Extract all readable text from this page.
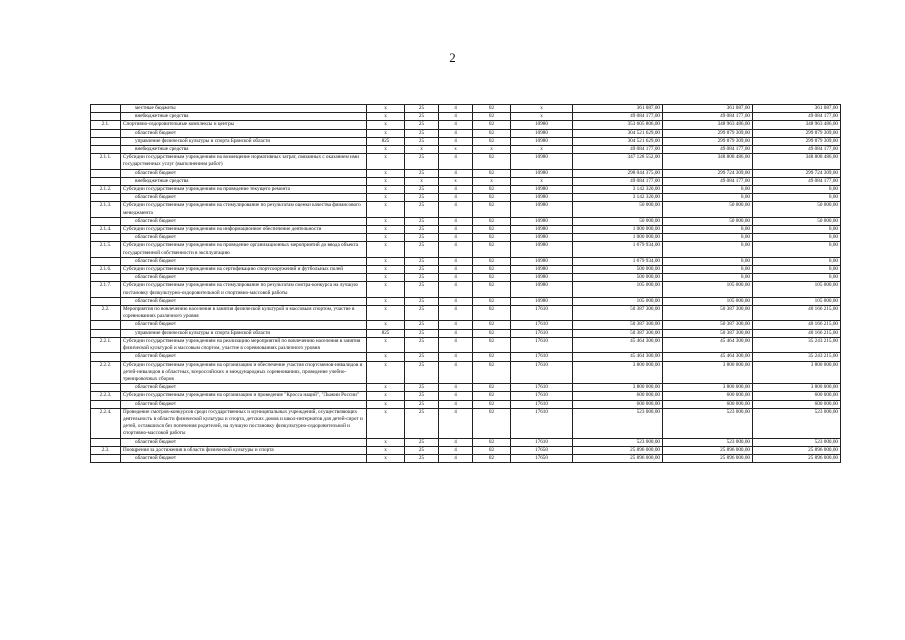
2
	местные бюджеты	x	25	4	02	x	361 087,00	361 087,00	361 087,00
	внебюджетные средства	x	25	4	02	x	49 084 177,00	49 084 177,00	49 084 177,00
2.1.	Спортивно-оздоровительные комплексы и центры	x	25	4	02	10980	353 605 806,00	348 963 486,00	348 963 486,00
	областной бюджет	x	25	4	02	10980	304 521 629,00	299 879 309,00	299 879 309,00
	управление физической культуры и спорта Брянской области	825	25	4	02	10980	304 521 629,00	299 879 309,00	299 879 309,00
	внебюджетные средства	x	x	x	x	x	49 084 177,00	49 084 177,00	49 084 177,00
2.1.1.	Субсидии государственным учреждениям на возмещение нормативных затрат, связанных с оказанием ими государственных услуг (выполнением работ)	x	25	4	02	10980	347 128 552,00	348 808 486,00	348 808 486,00
	областной бюджет	x	25	4	02	10980	298 044 375,00	299 724 309,00	299 724 309,00
	внебюджетные средства	x	x	x	x	x	49 084 177,00	49 084 177,00	49 084 177,00
2.1.2.	Субсидии государственным учреждениям на проведение текущего ремонта	x	25	4	02	10980	3 142 320,00	0,00	0,00
	областной бюджет	x	25	4	02	10980	3 142 320,00	0,00	0,00
2.1.3.	Субсидии государственным учреждениям на стимулирование по результатам оценки качества финансового менеджмента	x	25	4	02	10980	50 000,00	50 000,00	50 000,00
	областной бюджет	x	25	4	02	10980	50 000,00	50 000,00	50 000,00
2.1.4.	Субсидии государственным учреждениям на информационное обеспечение деятельности	x	25	4	02	10980	1 000 000,00	0,00	0,00
	областной бюджет	x	25	4	02	10980	1 000 000,00	0,00	0,00
2.1.5.	Субсидии государственным учреждениям на проведение организационных мероприятий до ввода объекта государственной собственности в эксплуатацию	x	25	4	02	10980	1 679 934,00	0,00	0,00
	областной бюджет	x	25	4	02	10980	1 679 934,00	0,00	0,00
2.1.6.	Субсидии государственным учреждениям на сертификацию спортсооружений и футбольных полей	x	25	4	02	10980	500 000,00	0,00	0,00
	областной бюджет	x	25	4	02	10980	500 000,00	0,00	0,00
2.1.7.	Субсидии государственным учреждениям на стимулирование по результатам смотра-конкурса на лучшую постановку физкультурно-оздоровительной и спортивно-массовой работы	x	25	4	02	10980	105 000,00	105 000,00	105 000,00
	областной бюджет	x	25	4	02	10980	105 000,00	105 000,00	105 000,00
2.2.	Мероприятия по вовлечению населения в занятия физической культурой и массовым спортом, участие в соревнованиях различного уровня	x	25	4	02	17610	50 387 300,00	50 387 300,00	40 166 215,00
	областной бюджет	x	25	4	02	17610	50 387 300,00	50 387 300,00	40 166 215,00
	управление физической культуры и спорта Брянской области	825	25	4	02	17610	50 387 300,00	50 387 300,00	40 166 215,00
2.2.1.	Субсидии государственным учреждениям на реализацию мероприятий по вовлечению населения в занятия физической культурой и массовым спортом, участие в соревнованиях различного уровня	x	25	4	02	17610	45 464 300,00	45 464 300,00	35 243 215,00
	областной бюджет	x	25	4	02	17610	45 464 300,00	45 464 300,00	35 243 215,00
2.2.2.	Субсидии государственным учреждениям на организацию и обеспечение участия спортсменов-инвалидов и детей-инвалидов в областных, всероссийских и международных соревнованиях, проведение учебно-тренировочных сборов	x	25	4	02	17610	3 800 000,00	3 800 000,00	3 800 000,00
	областной бюджет	x	25	4	02	17610	3 800 000,00	3 800 000,00	3 800 000,00
2.2.3.	Субсидии государственным учреждениям на организацию и проведение "Кросса наций", "Лыжни России"	x	25	4	02	17610	600 000,00	600 000,00	600 000,00
	областной бюджет	x	25	4	02	17610	600 000,00	600 000,00	600 000,00
2.2.4.	Проведение смотров-конкурсов среди государственных и муниципальных учреждений, осуществляющих деятельность в области физической культуры и спорта, детских домов и школ-интернатов для детей-сирот и детей, оставшихся без попечения родителей, на лучшую постановку физкультурно-оздоровительной и спортивно-массовой работы	x	25	4	02	17610	523 000,00	523 000,00	523 000,00
	областной бюджет	x	25	4	02	17610	523 000,00	523 000,00	523 000,00
2.3.	Поощрения за достижения в области физической культуры и спорта	x	25	4	02	17650	25 896 000,00	25 896 000,00	25 896 000,00
	областной бюджет	x	25	4	02	17650	25 896 000,00	25 896 000,00	25 896 000,00
